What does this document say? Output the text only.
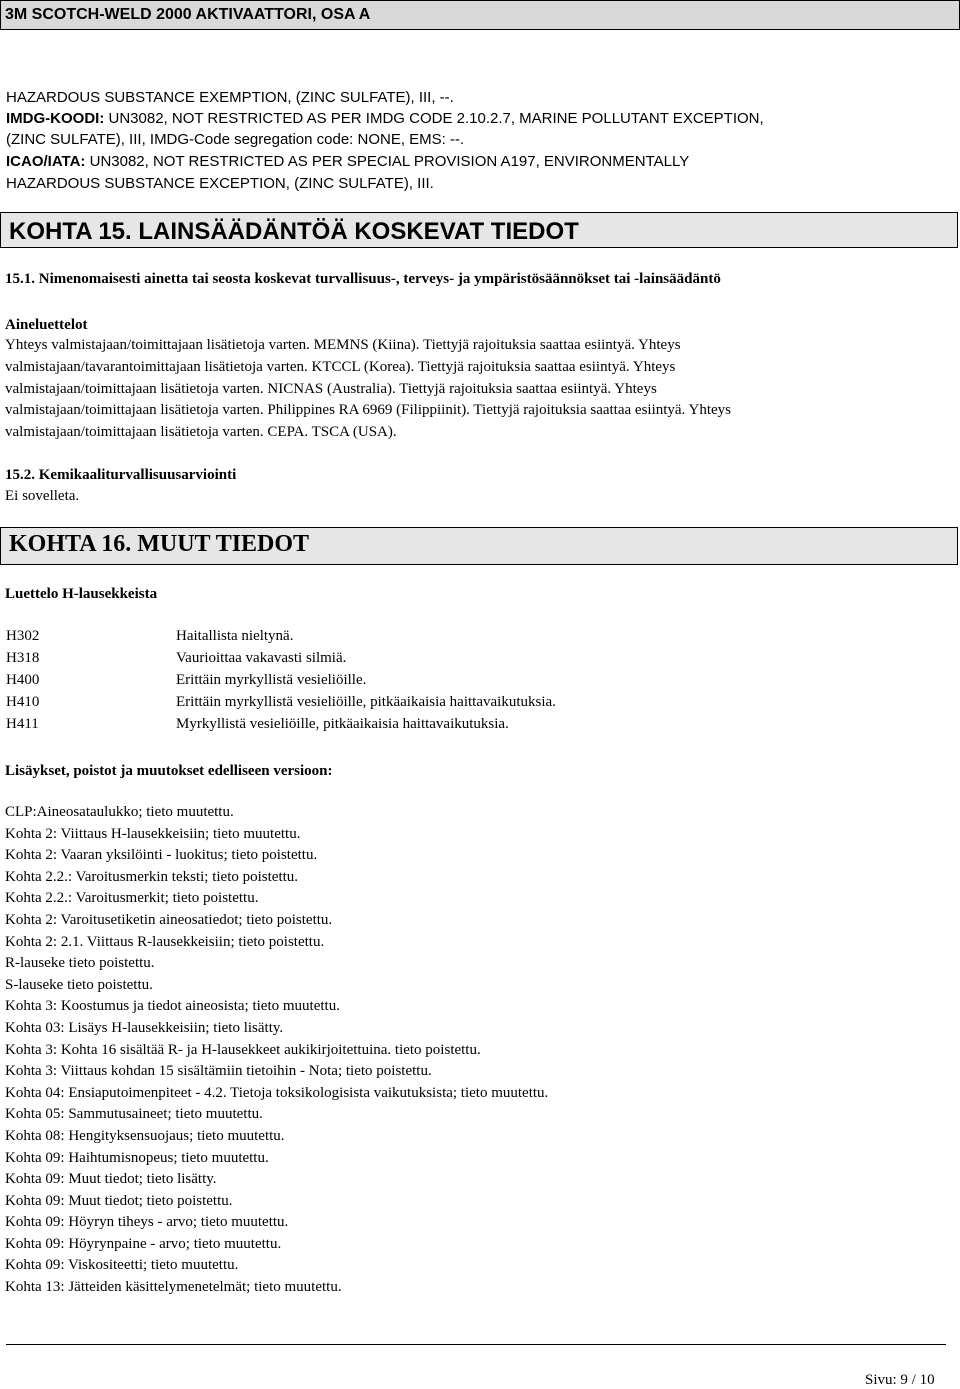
3M SCOTCH-WELD 2000 AKTIVAATTORI, OSA A
HAZARDOUS SUBSTANCE EXEMPTION, (ZINC SULFATE), III, --.
IMDG-KOODI: UN3082, NOT RESTRICTED AS PER IMDG CODE 2.10.2.7, MARINE POLLUTANT EXCEPTION,
(ZINC SULFATE), III, IMDG-Code segregation code: NONE, EMS: --.
ICAO/IATA: UN3082, NOT RESTRICTED AS PER SPECIAL PROVISION A197, ENVIRONMENTALLY
HAZARDOUS SUBSTANCE EXCEPTION, (ZINC SULFATE), III.
KOHTA 15. LAINSÄÄDÄNTÖÄ KOSKEVAT TIEDOT
15.1. Nimenomaisesti ainetta tai seosta koskevat turvallisuus-, terveys- ja ympäristösäännökset tai -lainsäädäntö
Aineluettelot
Yhteys valmistajaan/toimittajaan lisätietoja varten. MEMNS (Kiina). Tiettyjä rajoituksia saattaa esiintyä. Yhteys
valmistajaan/tavarantoimittajaan lisätietoja varten. KTCCL (Korea). Tiettyjä rajoituksia saattaa esiintyä. Yhteys
valmistajaan/toimittajaan lisätietoja varten. NICNAS (Australia). Tiettyjä rajoituksia saattaa esiintyä. Yhteys
valmistajaan/toimittajaan lisätietoja varten. Philippines RA 6969 (Filippiinit). Tiettyjä rajoituksia saattaa esiintyä. Yhteys
valmistajaan/toimittajaan lisätietoja varten. CEPA. TSCA (USA).
15.2. Kemikaaliturvallisuusarviointi
Ei sovelleta.
KOHTA 16. MUUT TIEDOT
Luettelo H-lausekkeista
H302	Haitallista nieltynä.
H318	Vaurioittaa vakavasti silmiä.
H400	Erittäin myrkyllistä vesieliöille.
H410	Erittäin myrkyllistä vesieliöille, pitkäaikaisia haittavaikutuksia.
H411	Myrkyllistä vesieliöille, pitkäaikaisia haittavaikutuksia.
Lisäykset, poistot ja muutokset edelliseen versioon:
CLP:Aineosataulukko; tieto muutettu.
Kohta 2: Viittaus H-lausekkeisiin; tieto muutettu.
Kohta 2: Vaaran yksilöinti - luokitus; tieto poistettu.
Kohta 2.2.: Varoitusmerkin teksti; tieto poistettu.
Kohta 2.2.: Varoitusmerkit; tieto poistettu.
Kohta 2: Varoitusetiketin aineosatiedot; tieto poistettu.
Kohta 2: 2.1. Viittaus R-lausekkeisiin; tieto poistettu.
R-lauseke tieto poistettu.
S-lauseke tieto poistettu.
Kohta 3: Koostumus ja tiedot aineosista; tieto muutettu.
Kohta 03: Lisäys H-lausekkeisiin; tieto lisätty.
Kohta 3: Kohta 16 sisältää R- ja H-lausekkeet aukikirjoitettuina. tieto poistettu.
Kohta 3: Viittaus kohdan 15 sisältämiin tietoihin - Nota; tieto poistettu.
Kohta 04: Ensiaputoimenpiteet - 4.2. Tietoja toksikologisista vaikutuksista; tieto muutettu.
Kohta 05: Sammutusaineet; tieto muutettu.
Kohta 08: Hengityksensuojaus; tieto muutettu.
Kohta 09: Haihtumisnopeus; tieto muutettu.
Kohta 09: Muut tiedot; tieto lisätty.
Kohta 09: Muut tiedot; tieto poistettu.
Kohta 09: Höyryn tiheys - arvo; tieto muutettu.
Kohta 09: Höyrynpaine - arvo; tieto muutettu.
Kohta 09: Viskositeetti; tieto muutettu.
Kohta 13: Jätteiden käsittelymenetelmät; tieto muutettu.
Sivu: 9 / 10
